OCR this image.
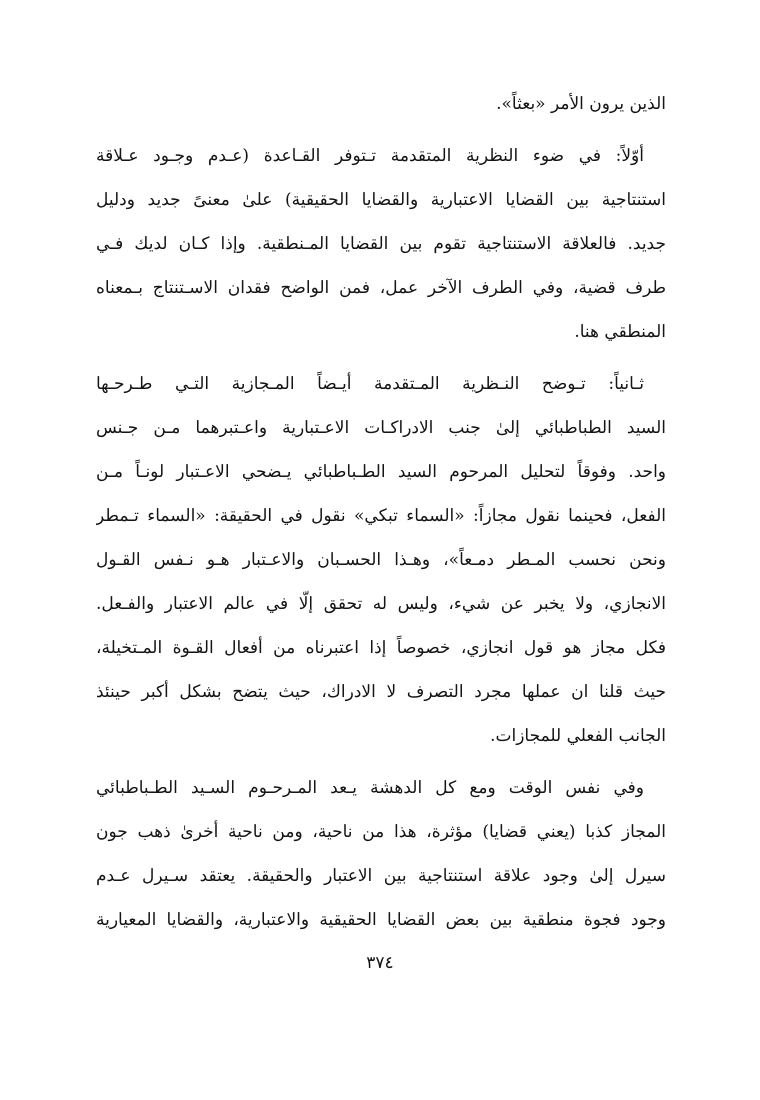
الذين يرون الأمر «بعثاً».
أوّلاً: في ضوء النظرية المتقدمة تـتوفر القـاعدة (عـدم وجـود عـلاقة
استنتاجية بين القضايا الاعتبارية والقضايا الحقيقية) علىٰ معنىً جديد ودليل
جديد. فالعلاقة الاستنتاجية تقوم بين القضايا المـنطقية. وإذا كـان لديك فـي
طرف قضية، وفي الطرف الآخر عمل، فمن الواضح فقدان الاسـتنتاج بـمعناه
المنطقي هنا.
ثـانياً: تـوضح النـظرية المـتقدمة أيـضاً المـجازية التـي طـرحـها
السيد الطباطبائي إلىٰ جنب الادراكـات الاعـتبارية واعـتبرهما مـن جـنس
واحد. وفوقاً لتحليل المرحوم السيد الطـباطبائي يـضحي الاعـتبار لونـاً مـن
الفعل، فحينما نقول مجازاً: «السماء تبكي» نقول في الحقيقة: «السماء تـمطر
ونحن نحسب المـطر دمـعاً»، وهـذا الحسـبان والاعـتبار هـو نـفس القـول
الانجازي، ولا يخبر عن شيء، وليس له تحقق إلّا في عالم الاعتبار والفـعل.
فكل مجاز هو قول انجازي، خصوصاً إذا اعتبرناه من أفعال القـوة المـتخيلة،
حيث قلنا ان عملها مجرد التصرف لا الادراك، حيث يتضح بشكل أكبر حينئذ
الجانب الفعلي للمجازات.
وفي نفس الوقت ومع كل الدهشة يـعد المـرحـوم السـيد الطـباطبائي
المجاز كذبا (يعني قضايا) مؤثرة، هذا من ناحية، ومن ناحية أخرىٰ ذهب جون
سيرل إلىٰ وجود علاقة استنتاجية بين الاعتبار والحقيقة. يعتقد سـيرل عـدم
وجود فجوة منطقية بين بعض القضايا الحقيقية والاعتبارية، والقضايا المعيارية
٣٧٤
